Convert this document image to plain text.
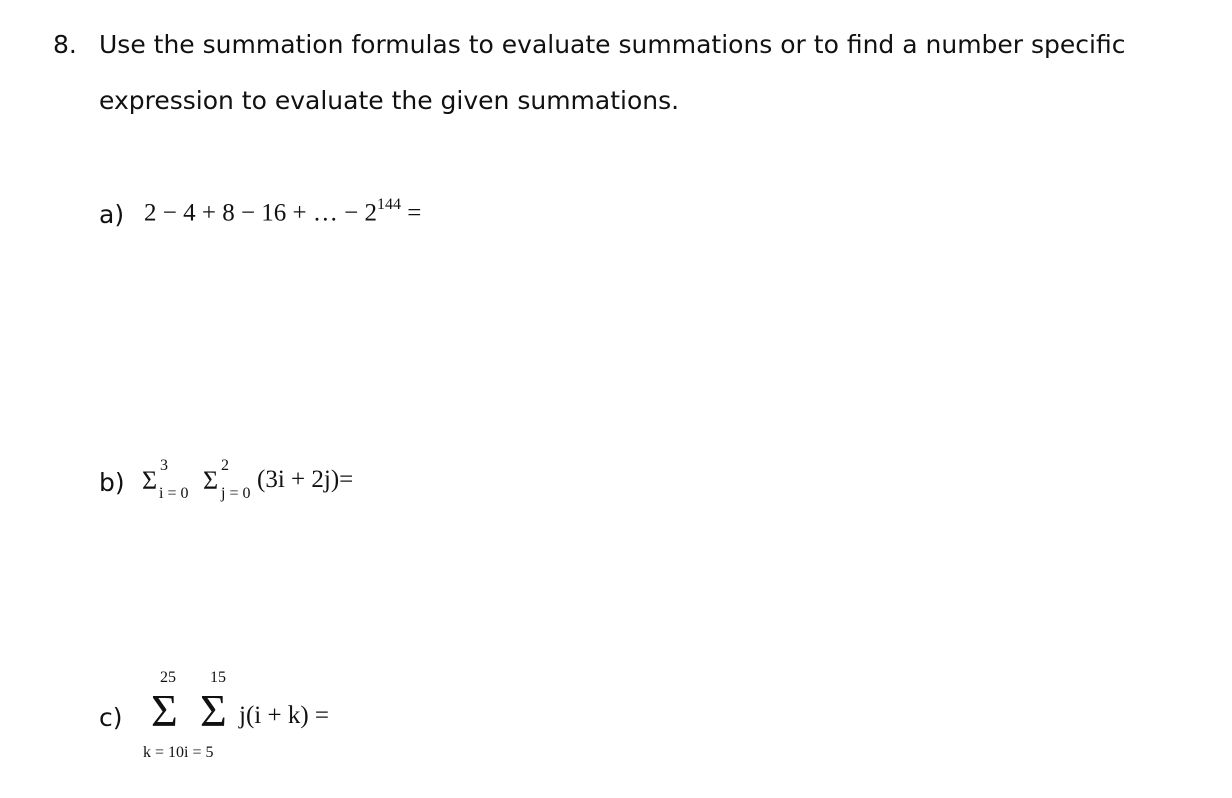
8. Use the summation formulas to evaluate summations or to find a number specific
expression to evaluate the given summations.
a) 2 − 4 + 8 − 16 + … − $2^{144}$ =
b) Σ
3
i = 0 Σ
2
j = 0
(3i + 2j)=
c)
25 15
Σ Σ
k = 10i = 5
j(i + k) =
